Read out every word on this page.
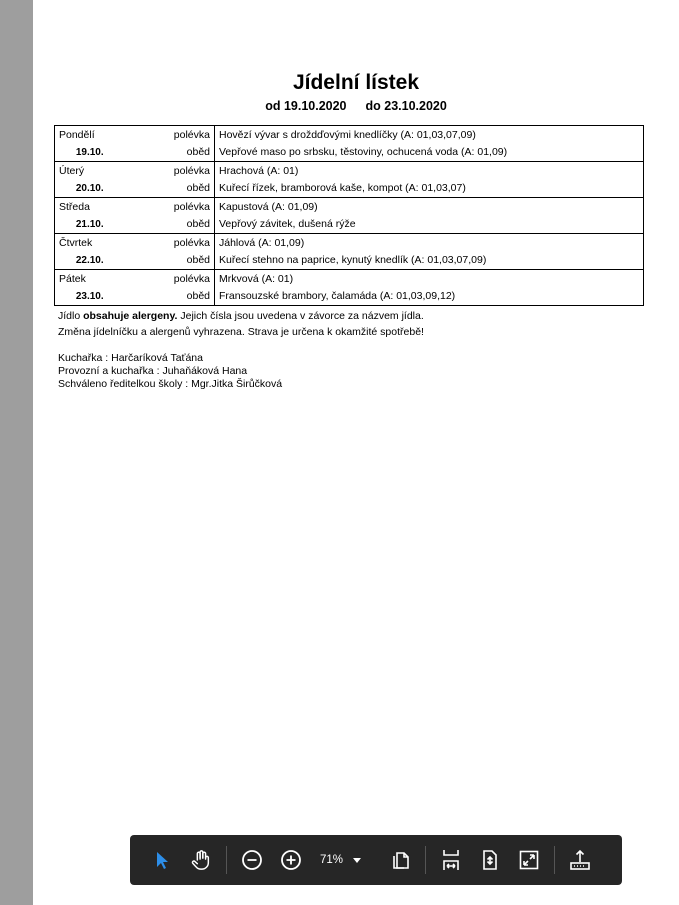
Jídelní lístek
od 19.10.2020 do 23.10.2020
Pondělí	polévka	Hovězí vývar s droždďovými knedlíčky (A: 01,03,07,09)
19.10.	oběd	Vepřové maso po srbsku, těstoviny, ochucená voda (A: 01,09)
Úterý	polévka	Hrachová (A: 01)
20.10.	oběd	Kuřecí řízek, bramborová kaše, kompot (A: 01,03,07)
Středa	polévka	Kapustová (A: 01,09)
21.10.	oběd	Vepřový závitek, dušená rýže
Čtvrtek	polévka	Jáhlová (A: 01,09)
22.10.	oběd	Kuřecí stehno na paprice, kynutý knedlík (A: 01,03,07,09)
Pátek	polévka	Mrkvová (A: 01)
23.10.	oběd	Fransouzské brambory, čalamáda (A: 01,03,09,12)
Jídlo obsahuje alergeny. Jejich čísla jsou uvedena v závorce za názvem jídla.
Změna jídelníčku a alergenů vyhrazena. Strava je určena k okamžité spotřebě!
Kuchařka : Harčaríková Taťána
Provozní a kuchařka : Juhaňáková Hana
Schváleno ředitelkou školy : Mgr.Jitka Širůčková
71%
